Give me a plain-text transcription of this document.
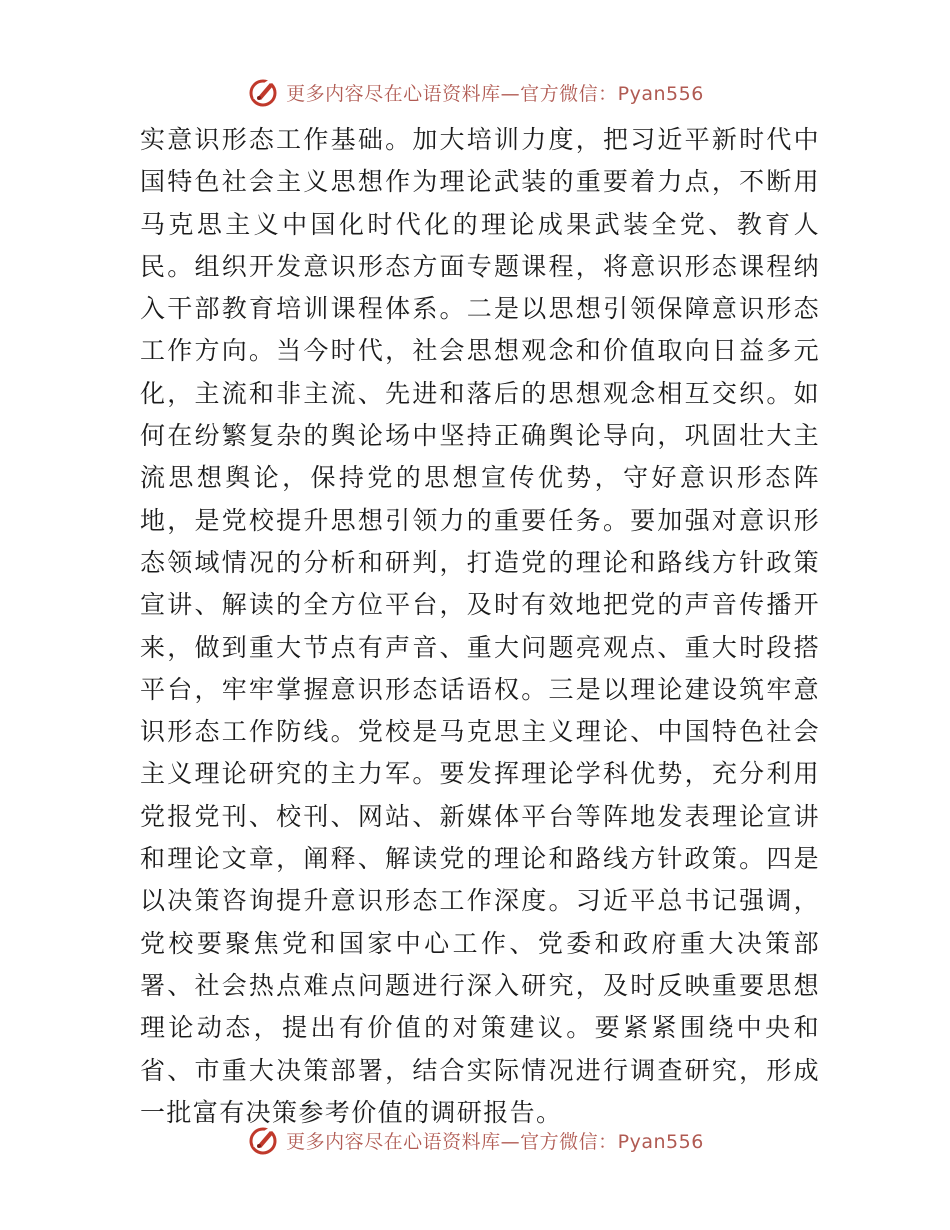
更多内容尽在心语资料库—官方微信：Pyan556

实意识形态工作基础。加大培训力度，把习近平新时代中国特色社会主义思想作为理论武装的重要着力点，不断用马克思主义中国化时代化的理论成果武装全党、教育人民。组织开发意识形态方面专题课程，将意识形态课程纳入干部教育培训课程体系。二是以思想引领保障意识形态工作方向。当今时代，社会思想观念和价值取向日益多元化，主流和非主流、先进和落后的思想观念相互交织。如何在纷繁复杂的舆论场中坚持正确舆论导向，巩固壮大主流思想舆论，保持党的思想宣传优势，守好意识形态阵地，是党校提升思想引领力的重要任务。要加强对意识形态领域情况的分析和研判，打造党的理论和路线方针政策宣讲、解读的全方位平台，及时有效地把党的声音传播开来，做到重大节点有声音、重大问题亮观点、重大时段搭平台，牢牢掌握意识形态话语权。三是以理论建设筑牢意识形态工作防线。党校是马克思主义理论、中国特色社会主义理论研究的主力军。要发挥理论学科优势，充分利用党报党刊、校刊、网站、新媒体平台等阵地发表理论宣讲和理论文章，阐释、解读党的理论和路线方针政策。四是以决策咨询提升意识形态工作深度。习近平总书记强调，党校要聚焦党和国家中心工作、党委和政府重大决策部署、社会热点难点问题进行深入研究，及时反映重要思想理论动态，提出有价值的对策建议。要紧紧围绕中央和省、市重大决策部署，结合实际情况进行调查研究，形成一批富有决策参考价值的调研报告。

更多内容尽在心语资料库—官方微信：Pyan556
